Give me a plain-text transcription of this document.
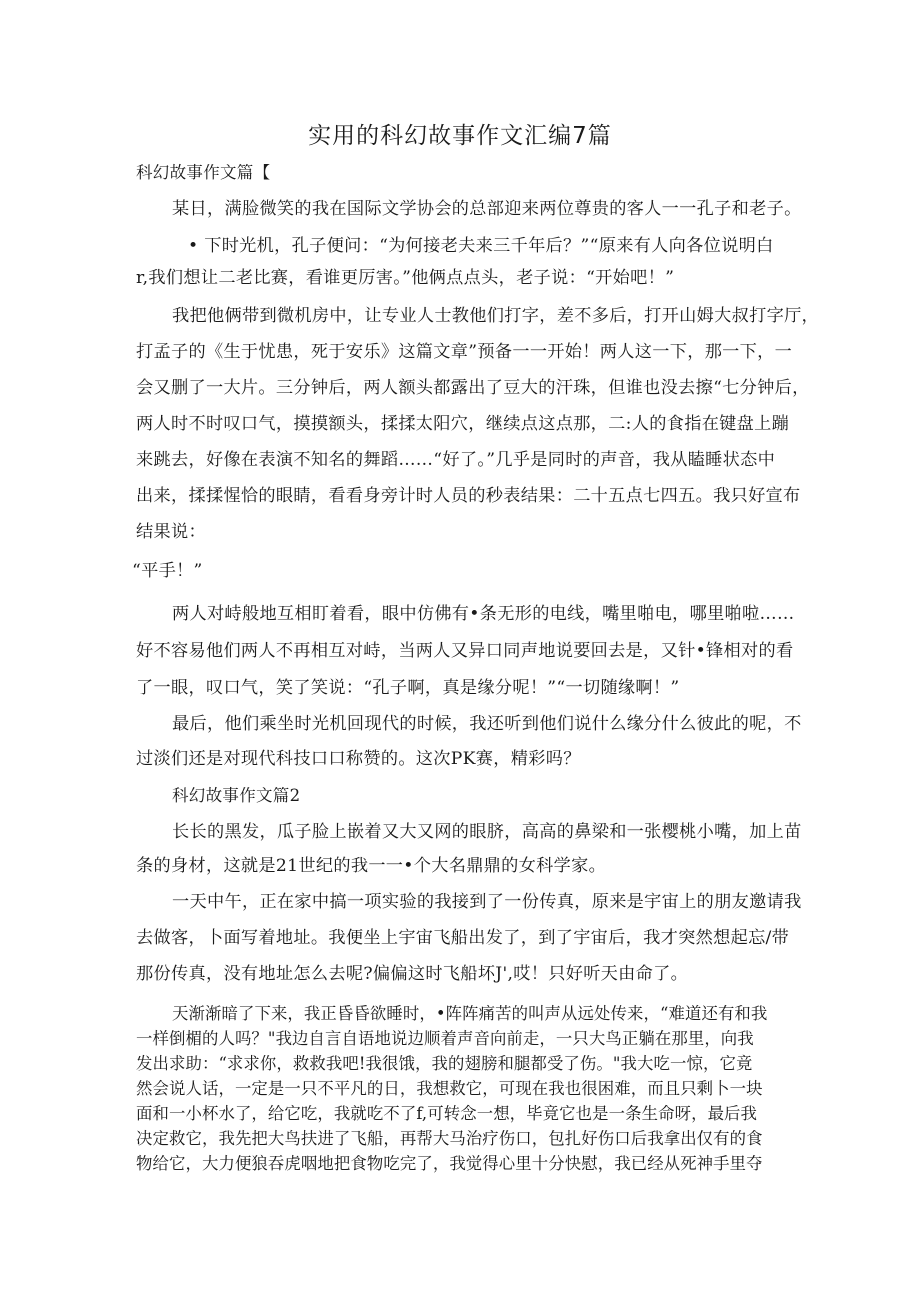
实用的科幻故事作文汇编7篇
科幻故事作文篇【
某日，满脸微笑的我在国际文学协会的总部迎来两位尊贵的客人一一孔子和老子。
• 下时光机，孔子便问：“为何接老夫来三千年后？”“原来有人向各位说明白
r,我们想让二老比赛，看谁更厉害。”他俩点点头，老子说：“开始吧！”
我把他俩带到微机房中，让专业人士教他们打字，差不多后，打开山姆大叔打字厅，
打孟子的《生于忧患，死于安乐》这篇文章”预备一一开始！两人这一下，那一下，一
会又删了一大片。三分钟后，两人额头都露出了豆大的汗珠，但谁也没去擦“七分钟后，
两人时不时叹口气，摸摸额头，揉揉太阳穴，继续点这点那，二:人的食指在键盘上蹦
来跳去，好像在表演不知名的舞蹈……“好了。”几乎是同时的声音，我从瞌睡状态中
出来，揉揉惺恰的眼睛，看看身旁计时人员的秒表结果：二十五点七四五。我只好宣布
结果说：
“平手！”
两人对峙般地互相盯着看，眼中仿佛有•条无形的电线，嘴里啪电，哪里啪啦……
好不容易他们两人不再相互对峙，当两人又异口同声地说要回去是，又针•锋相对的看
了一眼，叹口气，笑了笑说：“孔子啊，真是缘分呢！”“一切随缘啊！”
最后，他们乘坐时光机回现代的时候，我还听到他们说什么缘分什么彼此的呢，不
过淡们还是对现代科技口口称赞的。这次PK赛，精彩吗？
科幻故事作文篇2
长长的黑发，瓜子脸上嵌着又大又网的眼脐，高高的鼻梁和一张樱桃小嘴，加上苗
条的身材，这就是21世纪的我一一•个大名鼎鼎的女科学家。
一天中午，正在家中搞一项实验的我接到了一份传真，原来是宇宙上的朋友邀请我
去做客，卜面写着地址。我便坐上宇宙飞船出发了，到了宇宙后，我才突然想起忘/带
那份传真，没有地址怎么去呢?偏偏这时飞船坏J',哎！只好听天由命了。
天渐渐暗了下来，我正昏昏欲睡时，•阵阵痛苦的叫声从远处传来，“难道还有和我
一样倒楣的人吗？"我边自言自语地说边顺着声音向前走，一只大鸟正躺在那里，向我
发出求助：“求求你，救救我吧!我很饿，我的翅膀和腿都受了伤。"我大吃一惊，它竟
然会说人话，一定是一只不平凡的日，我想救它，可现在我也很困难，而且只剩卜一块
面和一小杯水了，给它吃，我就吃不了f,可转念一想，毕竟它也是一条生命呀，最后我
决定救它，我先把大鸟扶进了飞船，再帮大马治疗伤口，包扎好伤口后我拿出仅有的食
物给它，大力便狼吞虎咽地把食物吃完了，我觉得心里十分快慰，我已经从死神手里夺
